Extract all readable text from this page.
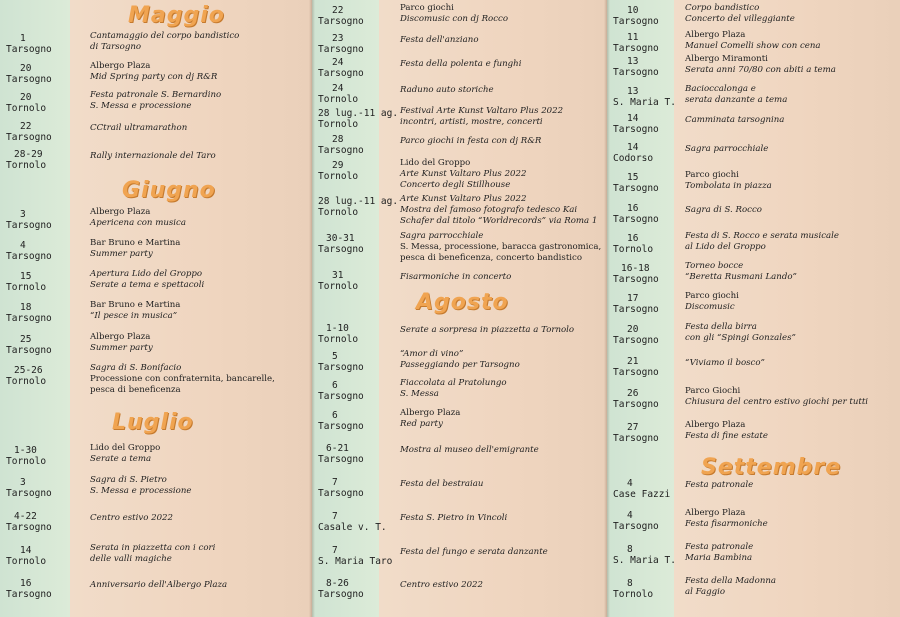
Maggio
1
Tarsogno
Cantamaggio del corpo bandistico
di Tarsogno
20
Tarsogno
Albergo Plaza
Mid Spring party con dj R&R
20
Tornolo
Festa patronale S. Bernardino
S. Messa e processione
22
Tarsogno
CCtrail ultramarathon
28-29
Tornolo
Rally internazionale del Taro
Giugno
3
Tarsogno
Albergo Plaza
Apericena con musica
4
Tarsogno
Bar Bruno e Martina
Summer party
15
Tornolo
Apertura Lido del Groppo
Serate a tema e spettacoli
18
Tarsogno
Bar Bruno e Martina
“Il pesce in musica”
25
Tarsogno
Albergo Plaza
Summer party
25-26
Tornolo
Sagra di S. Bonifacio
Processione con confraternita, bancarelle,
pesca di beneficenza
Luglio
1-30
Tornolo
Lido del Groppo
Serate a tema
3
Tarsogno
Sagra di S. Pietro
S. Messa e processione
4-22
Tarsogno
Centro estivo 2022
14
Tornolo
Serata in piazzetta con i cori
delle valli magiche
16
Tarsogno
Anniversario dell'Albergo Plaza
22
Tarsogno
Parco giochi
Discomusic con dj Rocco
23
Tarsogno
Festa dell'anziano
24
Tarsogno
Festa della polenta e funghi
24
Tornolo
Raduno auto storiche
28 lug.-11 ag.
Tornolo
Festival Arte Kunst Valtaro Plus 2022
incontri, artisti, mostre, concerti
28
Tarsogno
Parco giochi in festa con dj R&R
29
Tornolo
Lido del Groppo
Arte Kunst Valtaro Plus 2022
Concerto degli Stillhouse
28 lug.-11 ag.
Tornolo
Arte Kunst Valtaro Plus 2022
Mostra del famoso fotografo tedesco Kai
Schafer dal titolo “Worldrecords” via Roma 1
30-31
Tarsogno
Sagra parrocchiale
S. Messa, processione, baracca gastronomica,
pesca di beneficenza, concerto bandistico
31
Tornolo
Fisarmoniche in concerto
Agosto
1-10
Tornolo
Serate a sorpresa in piazzetta a Tornolo
5
Tarsogno
“Amor di vino”
Passeggiando per Tarsogno
6
Tarsogno
Fiaccolata al Pratolungo
S. Messa
6
Tarsogno
Albergo Plaza
Red party
6-21
Tarsogno
Mostra al museo dell'emigrante
7
Tarsogno
Festa del bestraiau
7
Casale v. T.
Festa S. Pietro in Vincoli
7
S. Maria Taro
Festa del fungo e serata danzante
8-26
Tarsogno
Centro estivo 2022
10
Tarsogno
Corpo bandistico
Concerto del villeggiante
11
Tarsogno
Albergo Plaza
Manuel Comelli show con cena
13
Tarsogno
Albergo Miramonti
Serata anni 70/80 con abiti a tema
13
S. Maria T.
Bacioccalonga e
serata danzante a tema
14
Tarsogno
Camminata tarsognina
14
Codorso
Sagra parrocchiale
15
Tarsogno
Parco giochi
Tombolata in piazza
16
Tarsogno
Sagra di S. Rocco
16
Tornolo
Festa di S. Rocco e serata musicale
al Lido del Groppo
16-18
Tarsogno
Torneo bocce
“Beretta Rusmani Lando”
17
Tarsogno
Parco giochi
Discomusic
20
Tarsogno
Festa della birra
con gli “Spingi Gonzales”
21
Tarsogno
“Viviamo il bosco”
26
Tarsogno
Parco Giochi
Chiusura del centro estivo giochi per tutti
27
Tarsogno
Albergo Plaza
Festa di fine estate
Settembre
4
Case Fazzi
Festa patronale
4
Tarsogno
Albergo Plaza
Festa fisarmoniche
8
S. Maria T.
Festa patronale
Maria Bambina
8
Tornolo
Festa della Madonna
al Faggio
